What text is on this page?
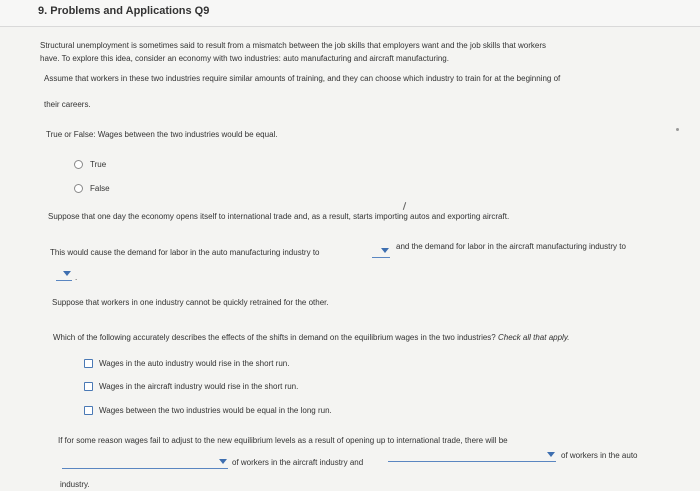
9. Problems and Applications Q9
Structural unemployment is sometimes said to result from a mismatch between the job skills that employers want and the job skills that workers
have. To explore this idea, consider an economy with two industries: auto manufacturing and aircraft manufacturing.
Assume that workers in these two industries require similar amounts of training, and they can choose which industry to train for at the beginning of
their careers.
True or False: Wages between the two industries would be equal.
True
False
Suppose that one day the economy opens itself to international trade and, as a result, starts importing autos and exporting aircraft.
This would cause the demand for labor in the auto manufacturing industry to
and the demand for labor in the aircraft manufacturing industry to
.
Suppose that workers in one industry cannot be quickly retrained for the other.
Which of the following accurately describes the effects of the shifts in demand on the equilibrium wages in the two industries? Check all that apply.
Wages in the auto industry would rise in the short run.
Wages in the aircraft industry would rise in the short run.
Wages between the two industries would be equal in the long run.
If for some reason wages fail to adjust to the new equilibrium levels as a result of opening up to international trade, there will be
of workers in the aircraft industry and
of workers in the auto
industry.
